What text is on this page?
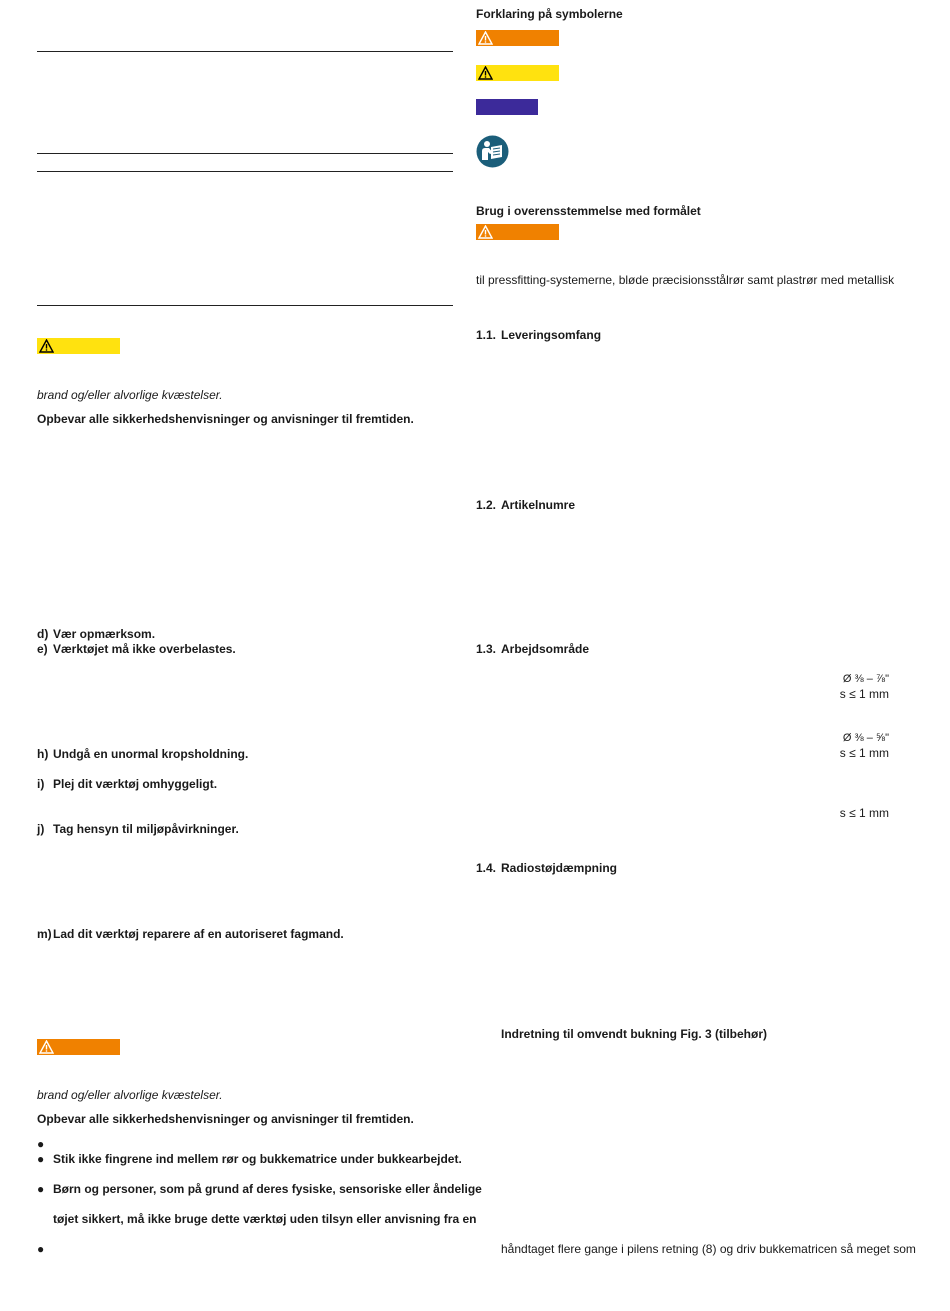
brand og/eller alvorlige kvæstelser.
Opbevar alle sikkerhedshenvisninger og anvisninger til fremtiden.
d) Vær opmærksom.
e) Værktøjet må ikke overbelastes.
h) Undgå en unormal kropsholdning.
i) Plej dit værktøj omhyggeligt.
j) Tag hensyn til miljøpåvirkninger.
m) Lad dit værktøj reparere af en autoriseret fagmand.
brand og/eller alvorlige kvæstelser.
Opbevar alle sikkerhedshenvisninger og anvisninger til fremtiden.
●
● Stik ikke fingrene ind mellem rør og bukkematrice under bukkearbejdet.
● Børn og personer, som på grund af deres fysiske, sensoriske eller åndelige
tøjet sikkert, må ikke bruge dette værktøj uden tilsyn eller anvisning fra en
●
Forklaring på symbolerne
Brug i overensstemmelse med formålet
til pressfitting-systemerne, bløde præcisionsstålrør samt plastrør med metallisk
1.1. Leveringsomfang
1.2. Artikelnumre
1.3. Arbejdsområde
Ø ⅜ – ⅞"
s ≤ 1 mm
Ø ⅜ – ⅝"
s ≤ 1 mm
s ≤ 1 mm
1.4. Radiostøjdæmpning
Indretning til omvendt bukning Fig. 3 (tilbehør)
håndtaget flere gange i pilens retning (8) og driv bukkematricen så meget som
